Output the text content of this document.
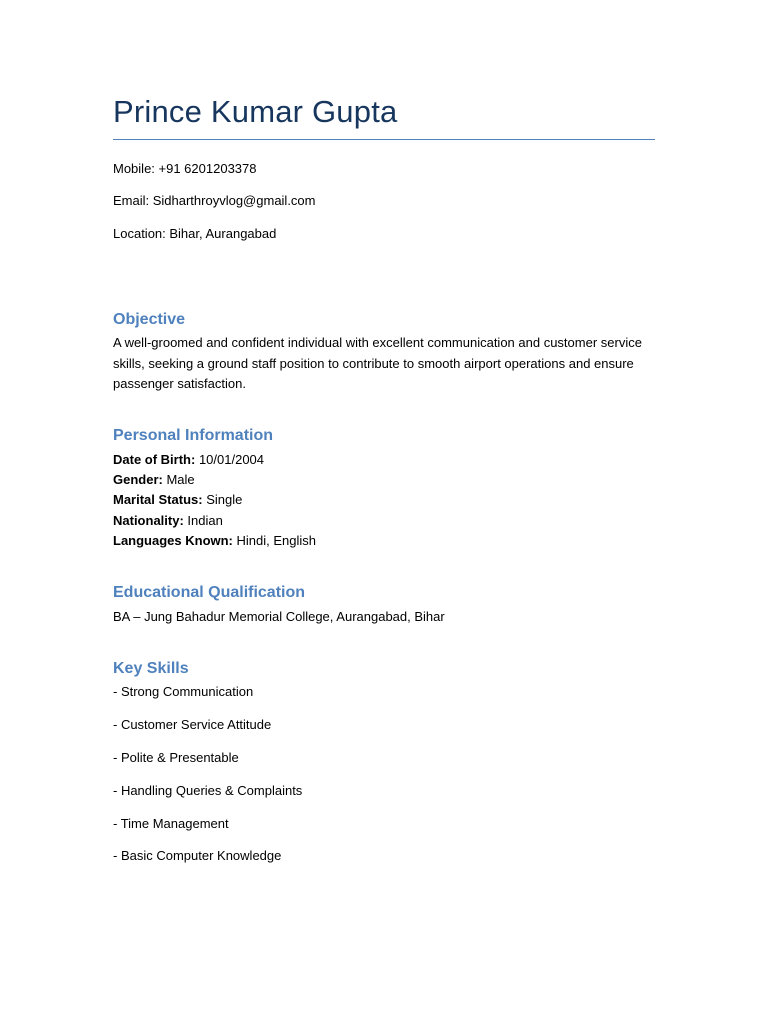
Prince Kumar Gupta
Mobile: +91 6201203378
Email: Sidharthroyvlog@gmail.com
Location: Bihar, Aurangabad
Objective

A well-groomed and confident individual with excellent communication and customer service skills, seeking a ground staff position to contribute to smooth airport operations and ensure passenger satisfaction.

Personal Information
Date of Birth: 10/01/2004
Gender: Male
Marital Status: Single
Nationality: Indian
Languages Known: Hindi, English
Educational Qualification
BA – Jung Bahadur Memorial College, Aurangabad, Bihar
Key Skills
- Strong Communication
- Customer Service Attitude
- Polite & Presentable
- Handling Queries & Complaints
- Time Management
- Basic Computer Knowledge
